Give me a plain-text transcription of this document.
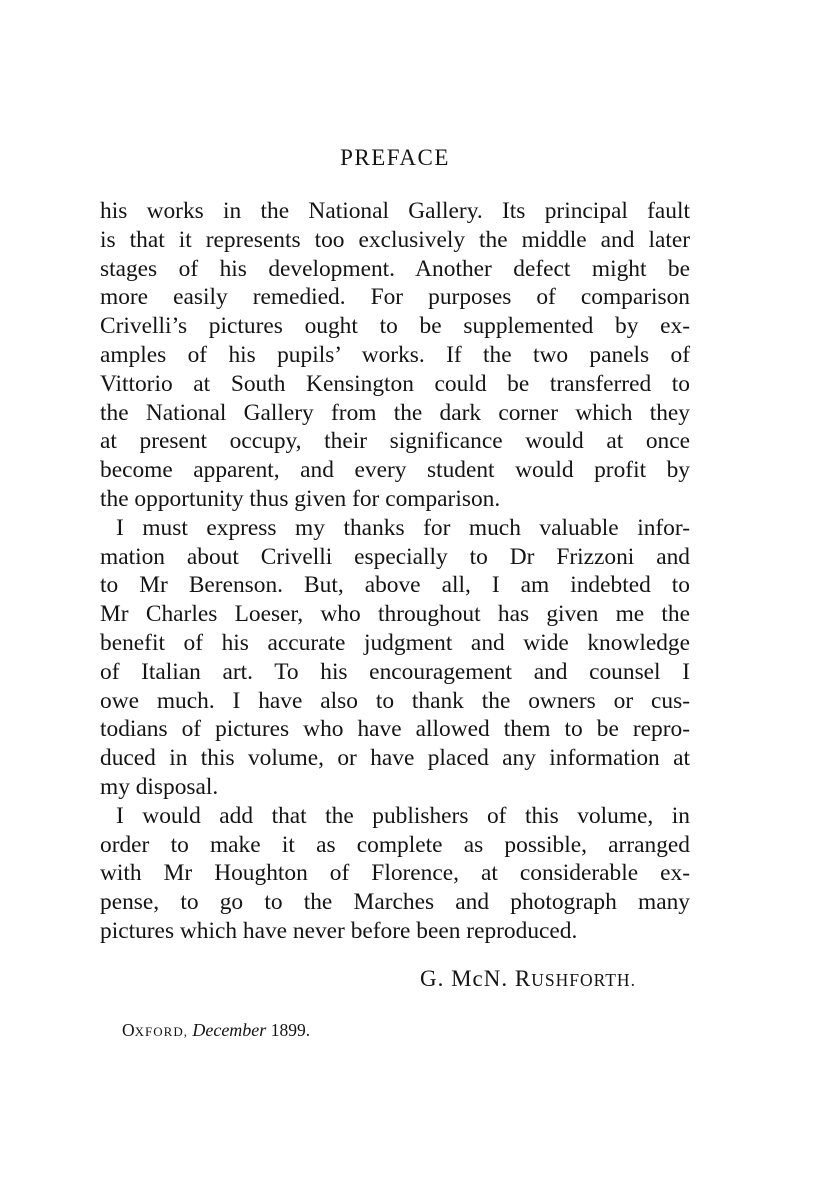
PREFACE
his works in the National Gallery. Its principal fault
is that it represents too exclusively the middle and later
stages of his development. Another defect might be
more easily remedied. For purposes of comparison
Crivelli’s pictures ought to be supplemented by ex-
amples of his pupils’ works. If the two panels of
Vittorio at South Kensington could be transferred to
the National Gallery from the dark corner which they
at present occupy, their significance would at once
become apparent, and every student would profit by
the opportunity thus given for comparison.
I must express my thanks for much valuable infor-
mation about Crivelli especially to Dr Frizzoni and
to Mr Berenson. But, above all, I am indebted to
Mr Charles Loeser, who throughout has given me the
benefit of his accurate judgment and wide knowledge
of Italian art. To his encouragement and counsel I
owe much. I have also to thank the owners or cus-
todians of pictures who have allowed them to be repro-
duced in this volume, or have placed any information at
my disposal.
I would add that the publishers of this volume, in
order to make it as complete as possible, arranged
with Mr Houghton of Florence, at considerable ex-
pense, to go to the Marches and photograph many
pictures which have never before been reproduced.
G. McN. RUSHFORTH.
OXFORD, December 1899.
